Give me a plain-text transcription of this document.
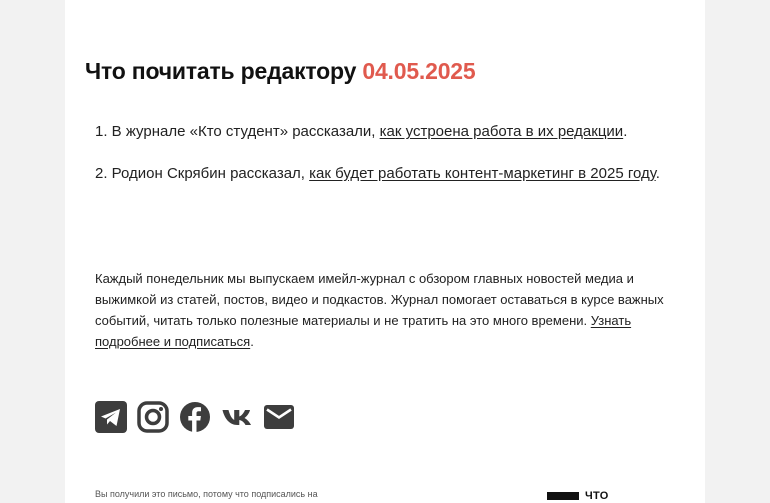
Что почитать редактору 04.05.2025

1. В журнале «Кто студент» рассказали, как устроена работа в их редакции.

2. Родион Скрябин рассказал, как будет работать контент-маркетинг в 2025 году.

Каждый понедельник мы выпускаем имейл-журнал с обзором главных новостей медиа и выжимкой из статей, постов, видео и подкастов. Журнал помогает оставаться в курсе важных событий, читать только полезные материалы и не тратить на это много времени. Узнать подробнее и подписаться.

Вы получили это письмо, потому что подписались на	ЧТО
